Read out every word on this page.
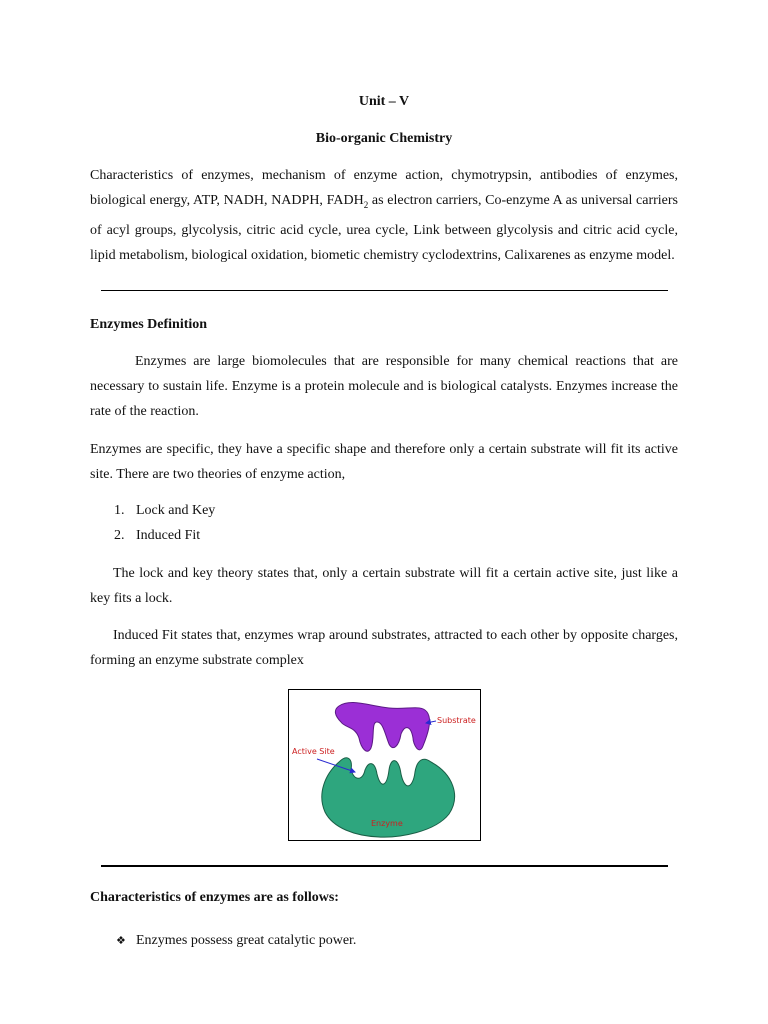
Unit – V
Bio-organic Chemistry
Characteristics of enzymes, mechanism of enzyme action, chymotrypsin, antibodies of enzymes, biological energy, ATP, NADH, NADPH, $FADH_2$ as electron carriers, Co-enzyme A as universal carriers of acyl groups, glycolysis, citric acid cycle, urea cycle, Link between glycolysis and citric acid cycle, lipid metabolism, biological oxidation, biometic chemistry cyclodextrins, Calixarenes as enzyme model.
Enzymes Definition
Enzymes are large biomolecules that are responsible for many chemical reactions that are necessary to sustain life. Enzyme is a protein molecule and is biological catalysts. Enzymes increase the rate of the reaction.
Enzymes are specific, they have a specific shape and therefore only a certain substrate will fit its active site. There are two theories of enzyme action,
1. Lock and Key
2. Induced Fit
The lock and key theory states that, only a certain substrate will fit a certain active site, just like a key fits a lock.
Induced Fit states that, enzymes wrap around substrates, attracted to each other by opposite charges, forming an enzyme substrate complex
Substrate
Active Site
Enzyme
Characteristics of enzymes are as follows:
❖ Enzymes possess great catalytic power.
